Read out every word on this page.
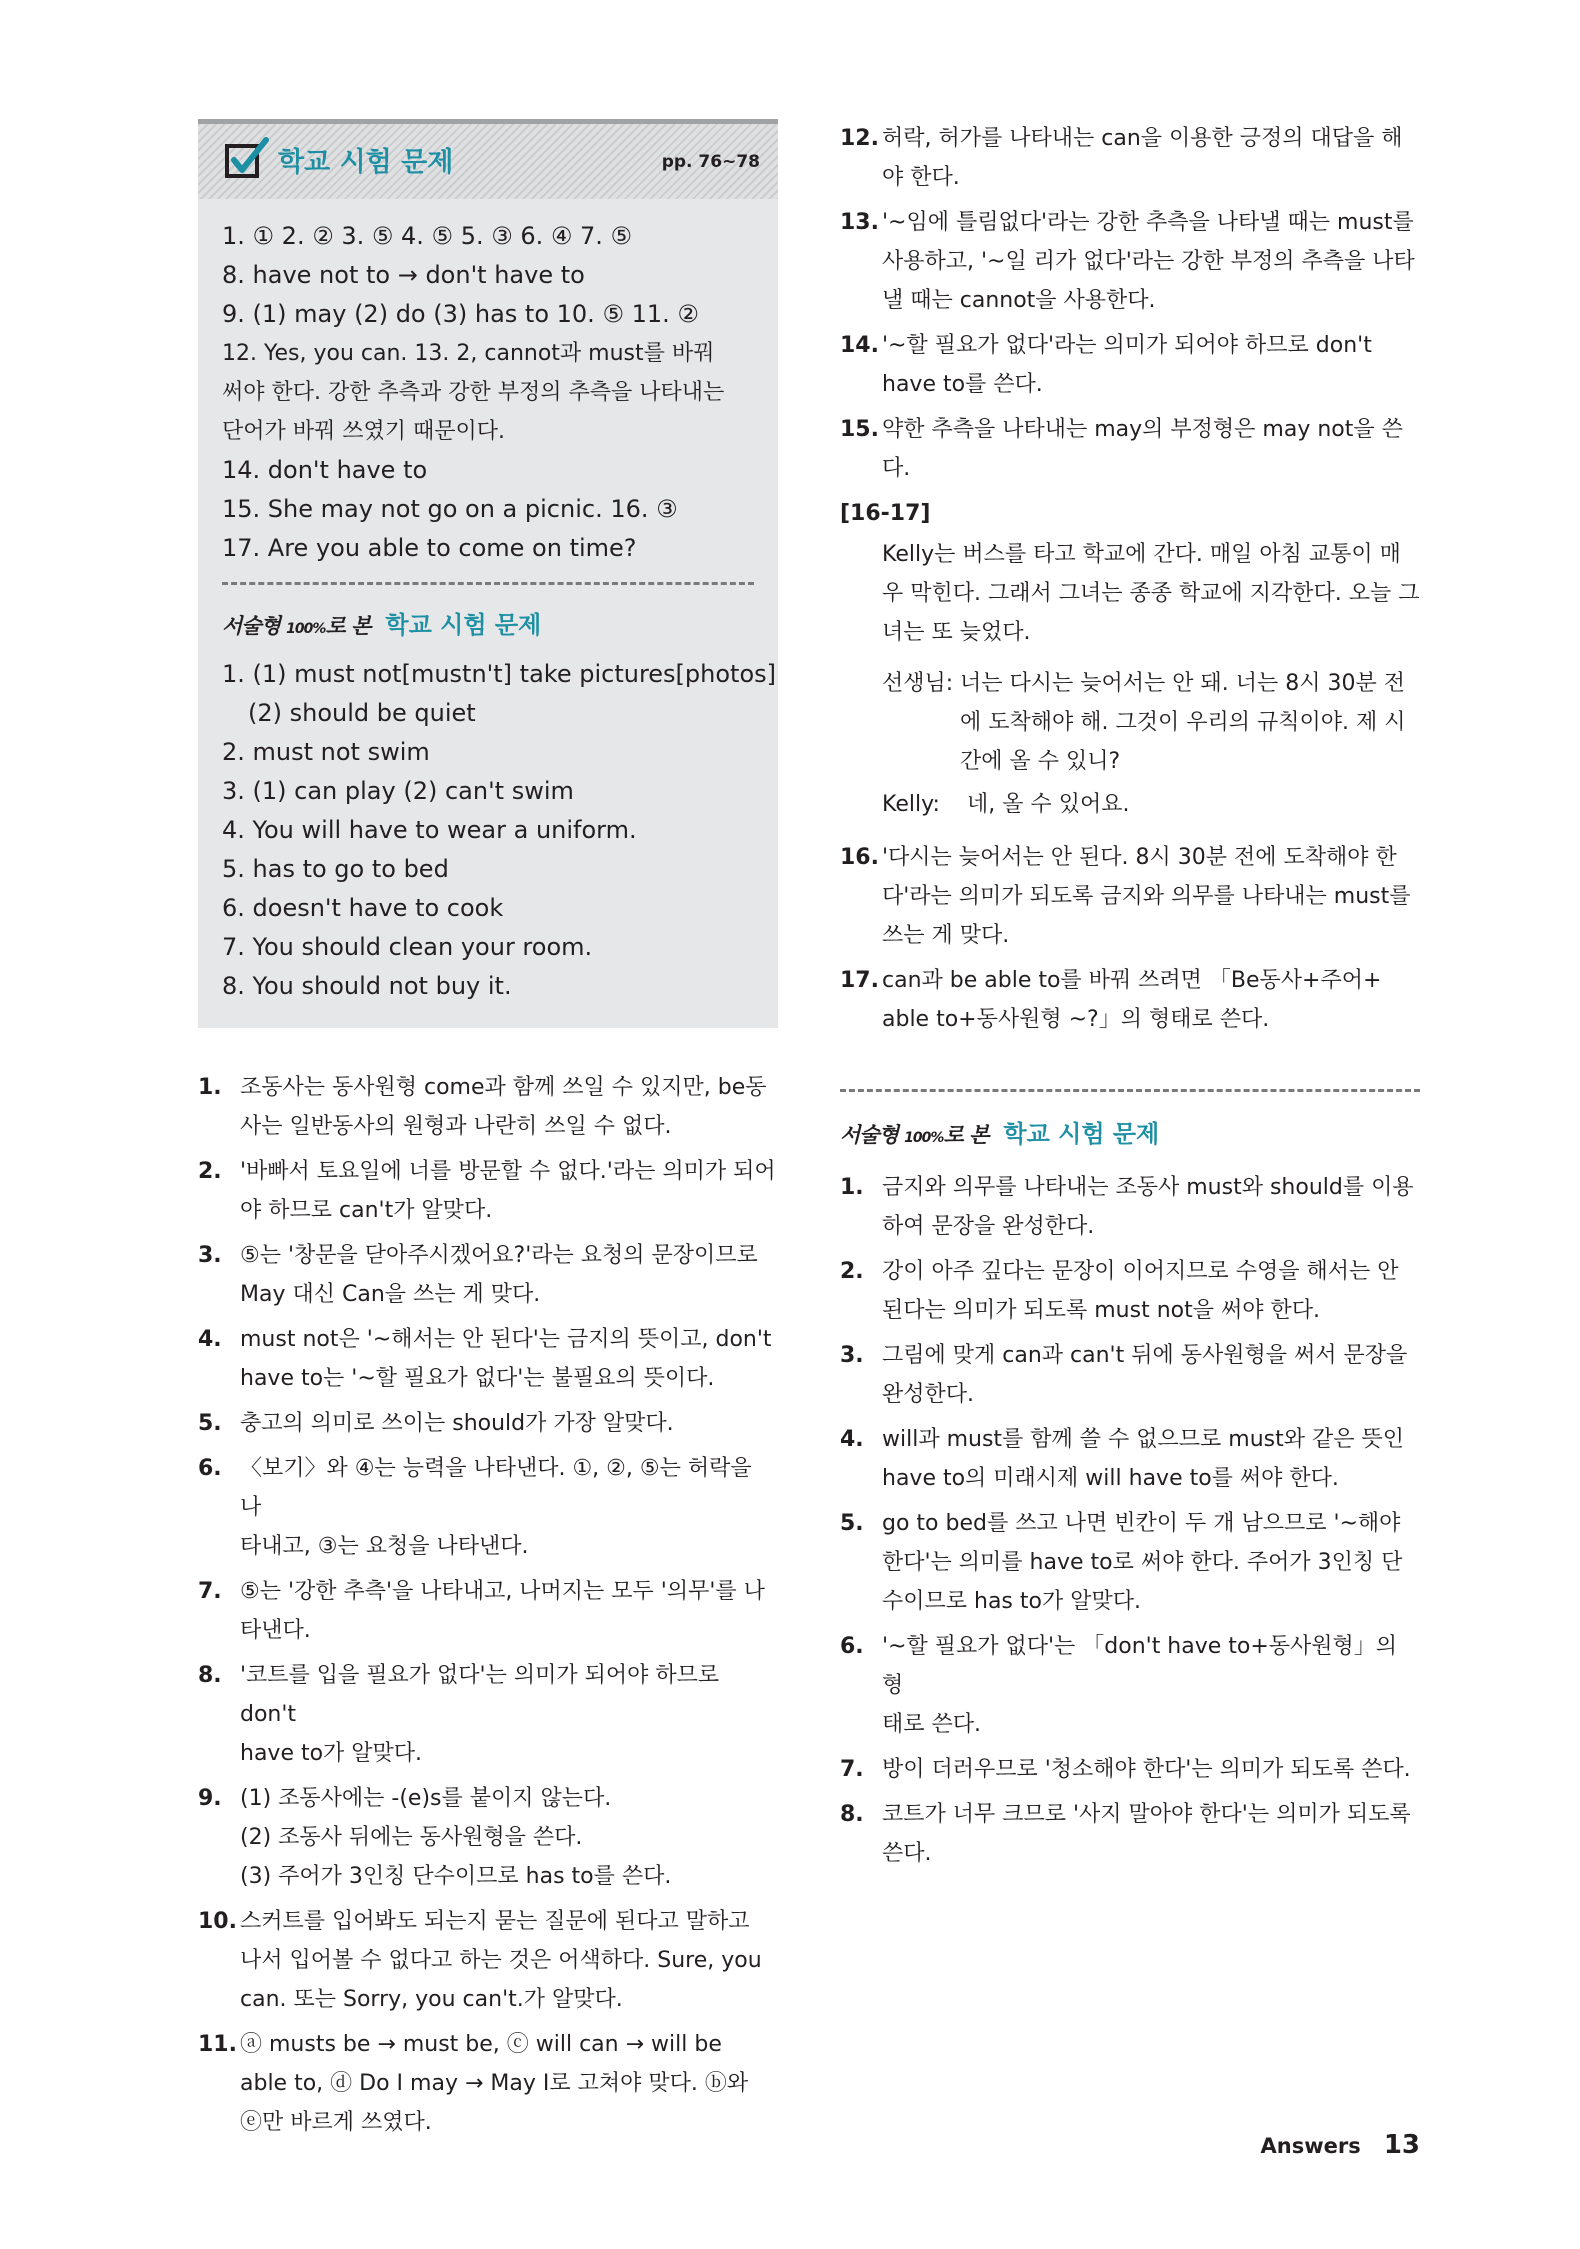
학교 시험 문제	pp. 76~78
1. ① 2. ② 3. ⑤ 4. ⑤ 5. ③ 6. ④ 7. ⑤
8. have not to → don't have to
9. (1) may (2) do (3) has to 10. ⑤ 11. ②
12. Yes, you can. 13. 2, cannot과 must를 바꿔
써야 한다. 강한 추측과 강한 부정의 추측을 나타내는
단어가 바꿔 쓰였기 때문이다.
14. don't have to
15. She may not go on a picnic. 16. ③
17. Are you able to come on time?
서술형 100%로 본 학교 시험 문제
1. (1) must not[mustn't] take pictures[photos]
(2) should be quiet
2. must not swim
3. (1) can play (2) can't swim
4. You will have to wear a uniform.
5. has to go to bed
6. doesn't have to cook
7. You should clean your room.
8. You should not buy it.
1. 조동사는 동사원형 come과 함께 쓰일 수 있지만, be동

사는 일반동사의 원형과 나란히 쓰일 수 없다.

2. '바빠서 토요일에 너를 방문할 수 없다.'라는 의미가 되어

야 하므로 can't가 알맞다.

3. ⑤는 '창문을 닫아주시겠어요?'라는 요청의 문장이므로

May 대신 Can을 쓰는 게 맞다.

4. must not은 '~해서는 안 된다'는 금지의 뜻이고, don't

have to는 '~할 필요가 없다'는 불필요의 뜻이다.

5. 충고의 의미로 쓰이는 should가 가장 알맞다.

6. 〈보기〉와 ④는 능력을 나타낸다. ①, ②, ⑤는 허락을 나

타내고, ③는 요청을 나타낸다.

7. ⑤는 '강한 추측'을 나타내고, 나머지는 모두 '의무'를 나

타낸다.

8. '코트를 입을 필요가 없다'는 의미가 되어야 하므로 don't

have to가 알맞다.

9. (1) 조동사에는 -(e)s를 붙이지 않는다.

(2) 조동사 뒤에는 동사원형을 쓴다.

(3) 주어가 3인칭 단수이므로 has to를 쓴다.

10. 스커트를 입어봐도 되는지 묻는 질문에 된다고 말하고

나서 입어볼 수 없다고 하는 것은 어색하다. Sure, you

can. 또는 Sorry, you can't.가 알맞다.

11. ⓐ musts be → must be, ⓒ will can → will be

able to, ⓓ Do I may → May I로 고쳐야 맞다. ⓑ와

ⓔ만 바르게 쓰였다.

12. 허락, 허가를 나타내는 can을 이용한 긍정의 대답을 해

야 한다.

13. '~임에 틀림없다'라는 강한 추측을 나타낼 때는 must를

사용하고, '~일 리가 없다'라는 강한 부정의 추측을 나타

낼 때는 cannot을 사용한다.

14. '~할 필요가 없다'라는 의미가 되어야 하므로 don't

have to를 쓴다.

15. 약한 추측을 나타내는 may의 부정형은 may not을 쓴

다.

[16-17]

Kelly는 버스를 타고 학교에 간다. 매일 아침 교통이 매

우 막힌다. 그래서 그녀는 종종 학교에 지각한다. 오늘 그

녀는 또 늦었다.

선생님: 너는 다시는 늦어서는 안 돼. 너는 8시 30분 전
에 도착해야 해. 그것이 우리의 규칙이야. 제 시
간에 올 수 있니?
Kelly: 네, 올 수 있어요.
16. '다시는 늦어서는 안 된다. 8시 30분 전에 도착해야 한

다'라는 의미가 되도록 금지와 의무를 나타내는 must를

쓰는 게 맞다.

17. can과 be able to를 바꿔 쓰려면 「Be동사+주어+

able to+동사원형 ~?」의 형태로 쓴다.

서술형 100%로 본 학교 시험 문제
1. 금지와 의무를 나타내는 조동사 must와 should를 이용

하여 문장을 완성한다.

2. 강이 아주 깊다는 문장이 이어지므로 수영을 해서는 안

된다는 의미가 되도록 must not을 써야 한다.

3. 그림에 맞게 can과 can't 뒤에 동사원형을 써서 문장을

완성한다.

4. will과 must를 함께 쓸 수 없으므로 must와 같은 뜻인

have to의 미래시제 will have to를 써야 한다.

5. go to bed를 쓰고 나면 빈칸이 두 개 남으므로 '~해야

한다'는 의미를 have to로 써야 한다. 주어가 3인칭 단

수이므로 has to가 알맞다.

6. '~할 필요가 없다'는 「don't have to+동사원형」의 형

태로 쓴다.

7. 방이 더러우므로 '청소해야 한다'는 의미가 되도록 쓴다.

8. 코트가 너무 크므로 '사지 말아야 한다'는 의미가 되도록

쓴다.

Answers 13
